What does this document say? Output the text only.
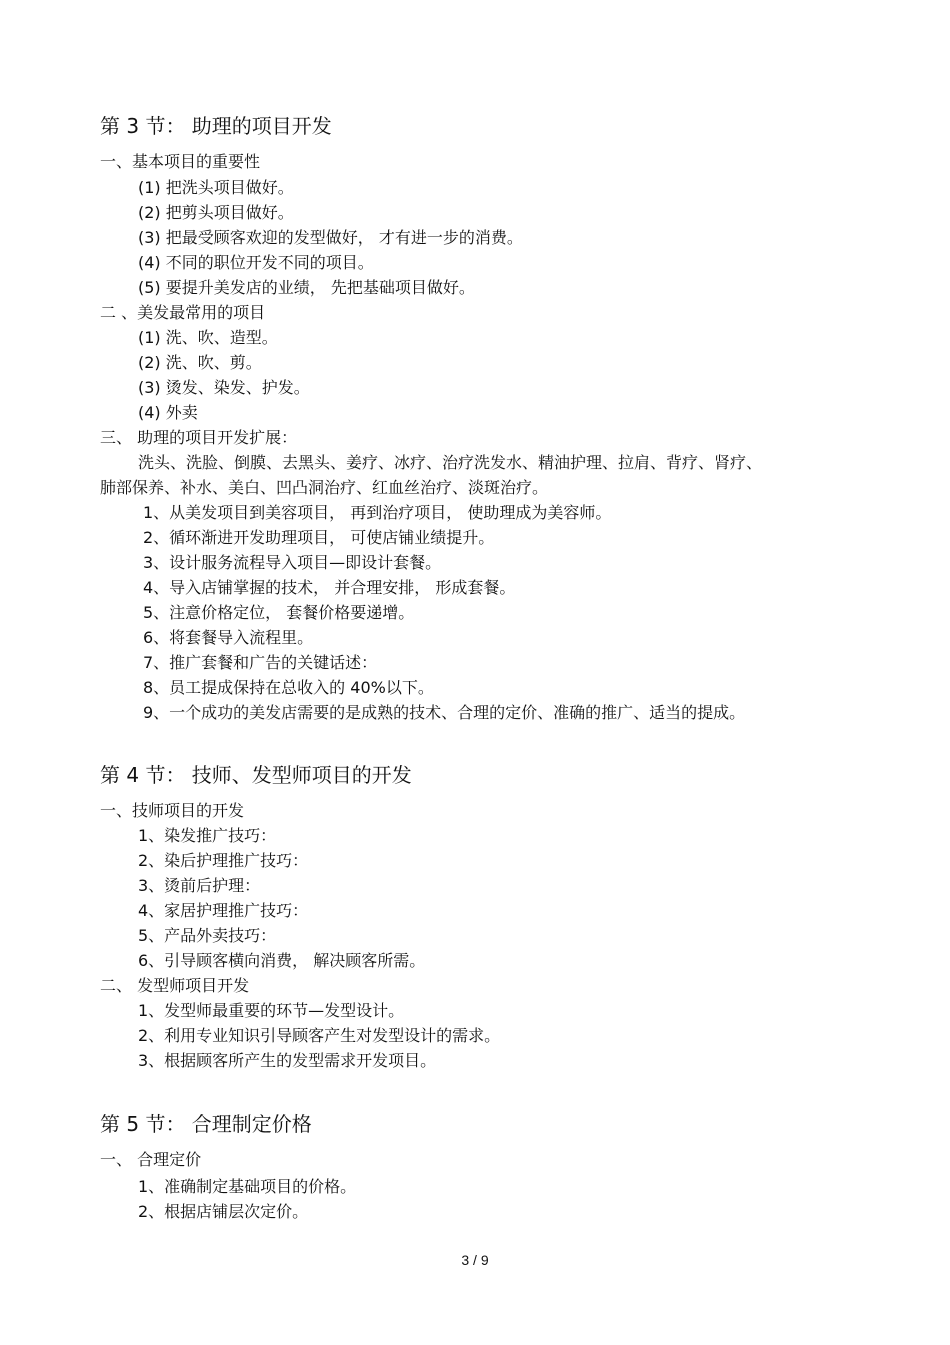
第 3 节： 助理的项目开发
一、基本项目的重要性
(1) 把洗头项目做好。
(2) 把剪头项目做好。
(3) 把最受顾客欢迎的发型做好， 才有进一步的消费。
(4) 不同的职位开发不同的项目。
(5) 要提升美发店的业绩， 先把基础项目做好。
二 、美发最常用的项目
(1) 洗、吹、造型。
(2) 洗、吹、剪。
(3) 烫发、染发、护发。
(4) 外卖
三、 助理的项目开发扩展：
洗头、洗脸、倒膜、去黑头、姜疗、冰疗、治疗洗发水、精油护理、拉肩、背疗、肾疗、
肺部保养、补水、美白、凹凸洞治疗、红血丝治疗、淡斑治疗。
1、从美发项目到美容项目， 再到治疗项目， 使助理成为美容师。
2、循环渐进开发助理项目， 可使店铺业绩提升。
3、设计服务流程导入项目—即设计套餐。
4、导入店铺掌握的技术， 并合理安排， 形成套餐。
5、注意价格定位， 套餐价格要递增。
6、将套餐导入流程里。
7、推广套餐和广告的关键话述：
8、员工提成保持在总收入的 40%以下。
9、一个成功的美发店需要的是成熟的技术、合理的定价、准确的推广、适当的提成。
第 4 节： 技师、发型师项目的开发
一、技师项目的开发
1、染发推广技巧：
2、染后护理推广技巧：
3、烫前后护理：
4、家居护理推广技巧：
5、产品外卖技巧：
6、引导顾客横向消费， 解决顾客所需。
二、 发型师项目开发
1、发型师最重要的环节—发型设计。
2、利用专业知识引导顾客产生对发型设计的需求。
3、根据顾客所产生的发型需求开发项目。
第 5 节： 合理制定价格
一、 合理定价
1、准确制定基础项目的价格。
2、根据店铺层次定价。
3 / 9
